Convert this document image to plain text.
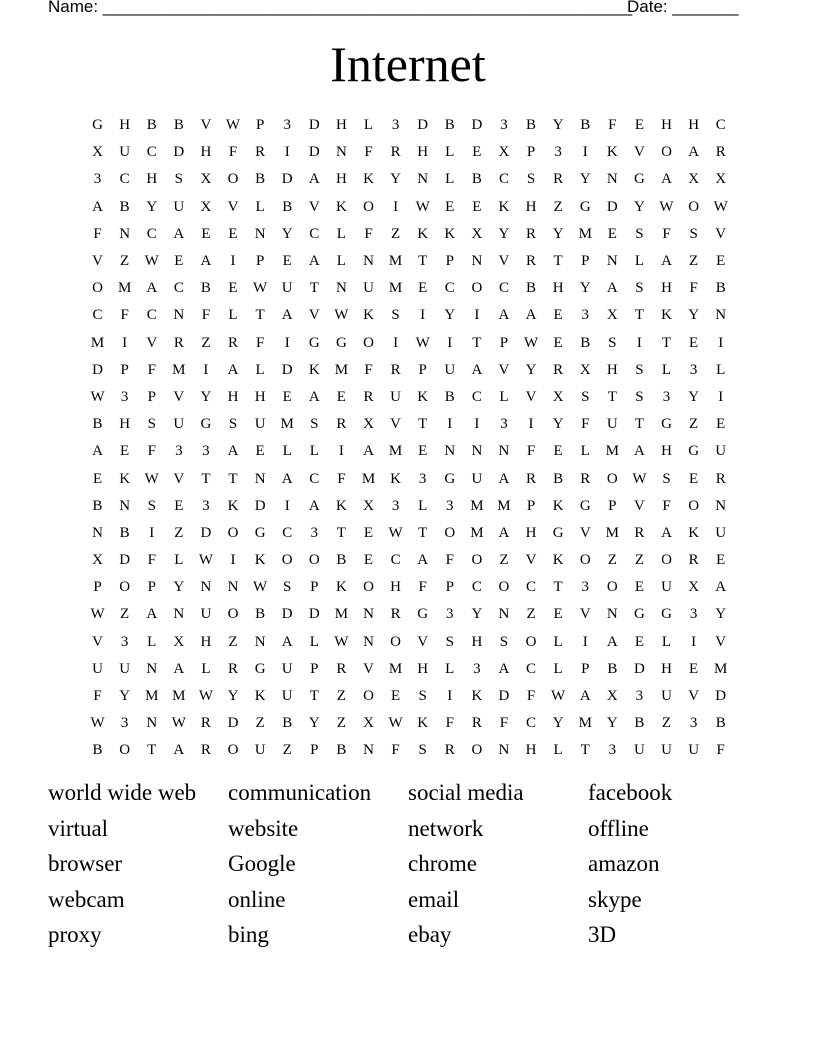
Name: ________________________________________________________
Date: _______
Internet
G	H	B	B	V W	P	3	D	H	L	3	D	B	D	3	B	Y	B	F	E	H	H	C
X	U	C	D	H	F	R	I	D	N	F	R	H	L	E	X	P	3	I	K	V	O	A	R
3	C	H	S	X	O	B	D	A	H	K	Y	N	L	B	C	S	R	Y	N	G	A	X	X
A	B	Y	U	X	V	L	B	V	K	O	I	W	E	E	K	H	Z	G	D	Y W O W
F	N	C	A	E	E	N	Y	C	L	F	Z	K	K	X	Y	R	Y	M	E	S	F	S	V
V	Z	W	E	A	I	P	E	A	L	N	M	T	P	N	V	R	T	P	N	L	A	Z	E
O	M	A	C	B	E	W U	T	N	U	M	E	C	O	C	B	H	Y	A	S	H	F	B
C	F	C	N	F	L	T	A	V W K	S	I	Y	I	A	A	E	3	X	T	K	Y	N
M	I	V	R	Z	R	F	I	G	G	O	I	W	I	T	P	W	E	B	S	I	T	E	I
D	P	F	M	I	A	L	D	K	M	F	R	P	U	A	V	Y	R	X	H	S	L	3	L
W	3	P	V	Y	H	H	E	A	E	R	U	K	B	C	L	V	X	S	T	S	3	Y	I
B	H	S	U	G	S	U	M	S	R	X	V	T	I	I	3	I	Y	F	U	T	G	Z	E
A	E	F	3	3	A	E	L	L	I	A	M	E	N	N	N	F	E	L	M	A	H	G	U
E	K W V	T	T	N	A	C	F	M	K	3	G	U	A	R	B	R	O W	S	E	R
B	N	S	E	3	K	D	I	A	K	X	3	L	3	M M	P	K	G	P	V	F	O	N
N	B	I	Z	D	O	G	C	3	T	E	W	T	O	M	A	H	G	V	M	R	A	K	U
X	D	F	L	W	I	K	O	O	B	E	C	A	F	O	Z	V	K	O	Z	Z	O	R	E
P	O	P	Y	N	N W	S	P	K	O	H	F	P	C	O	C	T	3	O	E	U	X	A
W	Z	A	N	U	O	B	D	D	M	N	R	G	3	Y	N	Z	E	V	N	G	G	3	Y
V	3	L	X	H	Z	N	A	L	W N	O	V	S	H	S	O	L	I	A	E	L	I	V
U	U	N	A	L	R	G	U	P	R	V	M	H	L	3	A	C	L	P	B	D	H	E	M
F	Y	M M W Y	K	U	T	Z	O	E	S	I	K	D	F	W A	X	3	U	V	D
W	3	N W	R	D	Z	B	Y	Z	X W K	F	R	F	C	Y	M	Y	B	Z	3	B
B	O	T	A	R	O	U	Z	P	B	N	F	S	R	O	N	H	L	T	3	U	U	U	F
world wide web	communication	social media	facebook
virtual	website	network	offline
browser	Google	chrome	amazon
webcam	online	email	skype
proxy	bing	ebay	3D
